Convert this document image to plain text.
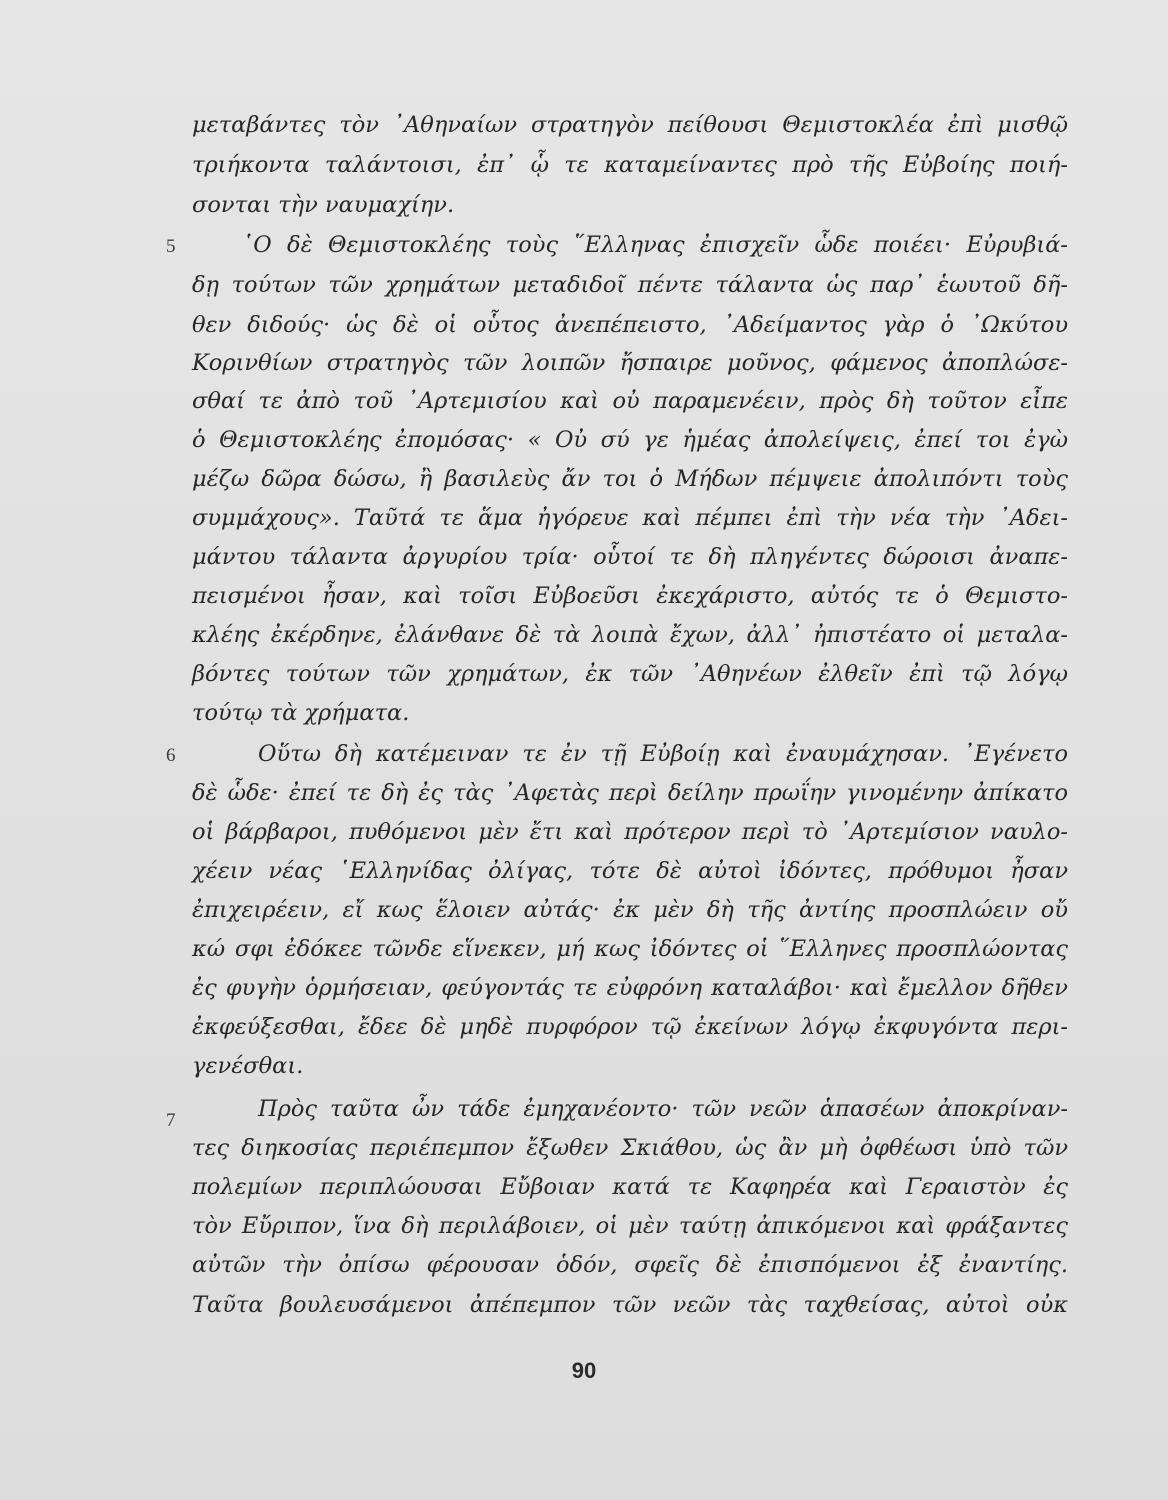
μεταβάντες τὸν ᾿Αθηναίων στρατηγὸν πείθουσι Θεμιστοκλέα ἐπὶ μισθῷ
τριήκοντα ταλάντοισι, ἐπ᾿ ᾧ τε καταμείναντες πρὸ τῆς Εὐβοίης ποιή-
σονται τὴν ναυμαχίην.
5	῾Ο δὲ Θεμιστοκλέης τοὺς ῞Ελληνας ἐπισχεῖν ὧδε ποιέει· Εὐρυβιά-
δῃ τούτων τῶν χρημάτων μεταδιδοῖ πέντε τάλαντα ὡς παρ᾿ ἑωυτοῦ δῆ-
θεν διδούς· ὡς δὲ οἱ οὗτος ἀνεπέπειστο, ᾿Αδείμαντος γὰρ ὁ ᾿Ωκύτου
Κορινθίων στρατηγὸς τῶν λοιπῶν ἤσπαιρε μοῦνος, φάμενος ἀποπλώσε-
σθαί τε ἀπὸ τοῦ ᾿Αρτεμισίου καὶ οὐ παραμενέειν, πρὸς δὴ τοῦτον εἶπε
ὁ Θεμιστοκλέης ἐπομόσας· « Οὐ σύ γε ἡμέας ἀπολείψεις, ἐπεί τοι ἐγὼ
μέζω δῶρα δώσω, ἢ βασιλεὺς ἄν τοι ὁ Μήδων πέμψειε ἀπολιπόντι τοὺς
συμμάχους». Ταῦτά τε ἅμα ἠγόρευε καὶ πέμπει ἐπὶ τὴν νέα τὴν ᾿Αδει-
μάντου τάλαντα ἀργυρίου τρία· οὗτοί τε δὴ πληγέντες δώροισι ἀναπε-
πεισμένοι ἦσαν, καὶ τοῖσι Εὐβοεῦσι ἐκεχάριστο, αὐτός τε ὁ Θεμιστο-
κλέης ἐκέρδηνε, ἐλάνθανε δὲ τὰ λοιπὰ ἔχων, ἀλλ᾿ ἠπιστέατο οἱ μεταλα-
βόντες τούτων τῶν χρημάτων, ἐκ τῶν ᾿Αθηνέων ἐλθεῖν ἐπὶ τῷ λόγῳ
τούτῳ τὰ χρήματα.
6	Οὕτω δὴ κατέμειναν τε ἐν τῇ Εὐβοίῃ καὶ ἐναυμάχησαν. ᾿Εγένετο
δὲ ὧδε· ἐπεί τε δὴ ἐς τὰς ᾿Αφετὰς περὶ δείλην πρωΐην γινομένην ἀπίκατο
οἱ βάρβαροι, πυθόμενοι μὲν ἔτι καὶ πρότερον περὶ τὸ ᾿Αρτεμίσιον ναυλο-
χέειν νέας ῾Ελληνίδας ὀλίγας, τότε δὲ αὐτοὶ ἰδόντες, πρόθυμοι ἦσαν
ἐπιχειρέειν, εἴ κως ἕλοιεν αὐτάς· ἐκ μὲν δὴ τῆς ἀντίης προσπλώειν οὔ
κώ σφι ἐδόκεε τῶνδε εἵνεκεν, μή κως ἰδόντες οἱ ῞Ελληνες προσπλώοντας
ἐς φυγὴν ὁρμήσειαν, φεύγοντάς τε εὐφρόνη καταλάβοι· καὶ ἔμελλον δῆθεν
ἐκφεύξεσθαι, ἔδεε δὲ μηδὲ πυρφόρον τῷ ἐκείνων λόγῳ ἐκφυγόντα περι-
γενέσθαι.
7	Πρὸς ταῦτα ὦν τάδε ἐμηχανέοντο· τῶν νεῶν ἁπασέων ἀποκρίναν-
τες διηκοσίας περιέπεμπον ἔξωθεν Σκιάθου, ὡς ἂν μὴ ὀφθέωσι ὑπὸ τῶν
πολεμίων περιπλώουσαι Εὔβοιαν κατά τε Καφηρέα καὶ Γεραιστὸν ἐς
τὸν Εὔριπον, ἵνα δὴ περιλάβοιεν, οἱ μὲν ταύτῃ ἀπικόμενοι καὶ φράξαντες
αὐτῶν τὴν ὀπίσω φέρουσαν ὁδόν, σφεῖς δὲ ἐπισπόμενοι ἐξ ἐναντίης.
Ταῦτα βουλευσάμενοι ἀπέπεμπον τῶν νεῶν τὰς ταχθείσας, αὐτοὶ οὐκ
90
